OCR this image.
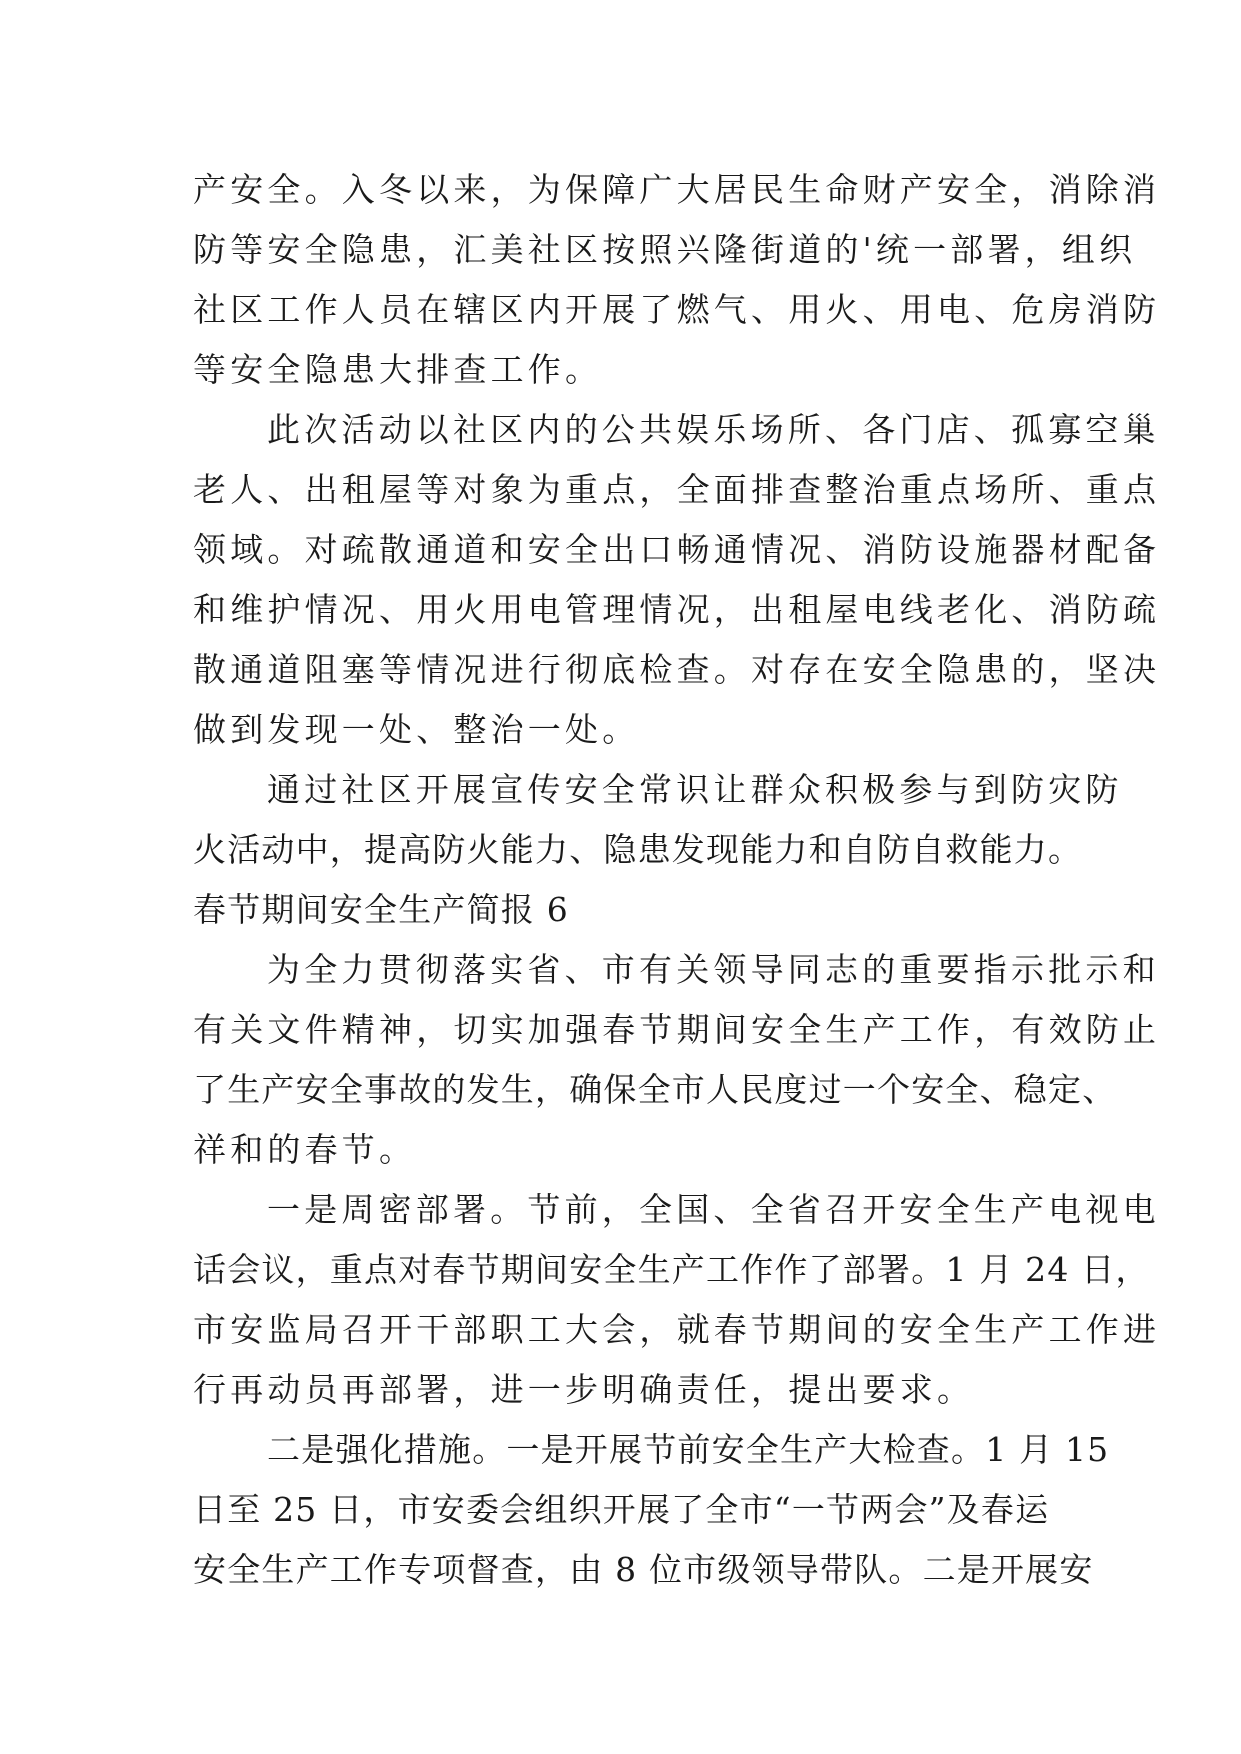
产安全。入冬以来，为保障广大居民生命财产安全，消除消
防等安全隐患，汇美社区按照兴隆街道的'统一部署，组织
社区工作人员在辖区内开展了燃气、用火、用电、危房消防
等安全隐患大排查工作。
此次活动以社区内的公共娱乐场所、各门店、孤寡空巢
老人、出租屋等对象为重点，全面排查整治重点场所、重点
领域。对疏散通道和安全出口畅通情况、消防设施器材配备
和维护情况、用火用电管理情况，出租屋电线老化、消防疏
散通道阻塞等情况进行彻底检查。对存在安全隐患的，坚决
做到发现一处、整治一处。
通过社区开展宣传安全常识让群众积极参与到防灾防
火活动中，提高防火能力、隐患发现能力和自防自救能力。
春节期间安全生产简报 6
为全力贯彻落实省、市有关领导同志的重要指示批示和
有关文件精神，切实加强春节期间安全生产工作，有效防止
了生产安全事故的发生，确保全市人民度过一个安全、稳定、
祥和的春节。
一是周密部署。节前，全国、全省召开安全生产电视电
话会议，重点对春节期间安全生产工作作了部署。1 月 24 日，
市安监局召开干部职工大会，就春节期间的安全生产工作进
行再动员再部署，进一步明确责任，提出要求。
二是强化措施。一是开展节前安全生产大检查。1 月 15
日至 25 日，市安委会组织开展了全市“一节两会”及春运
安全生产工作专项督查，由 8 位市级领导带队。二是开展安
